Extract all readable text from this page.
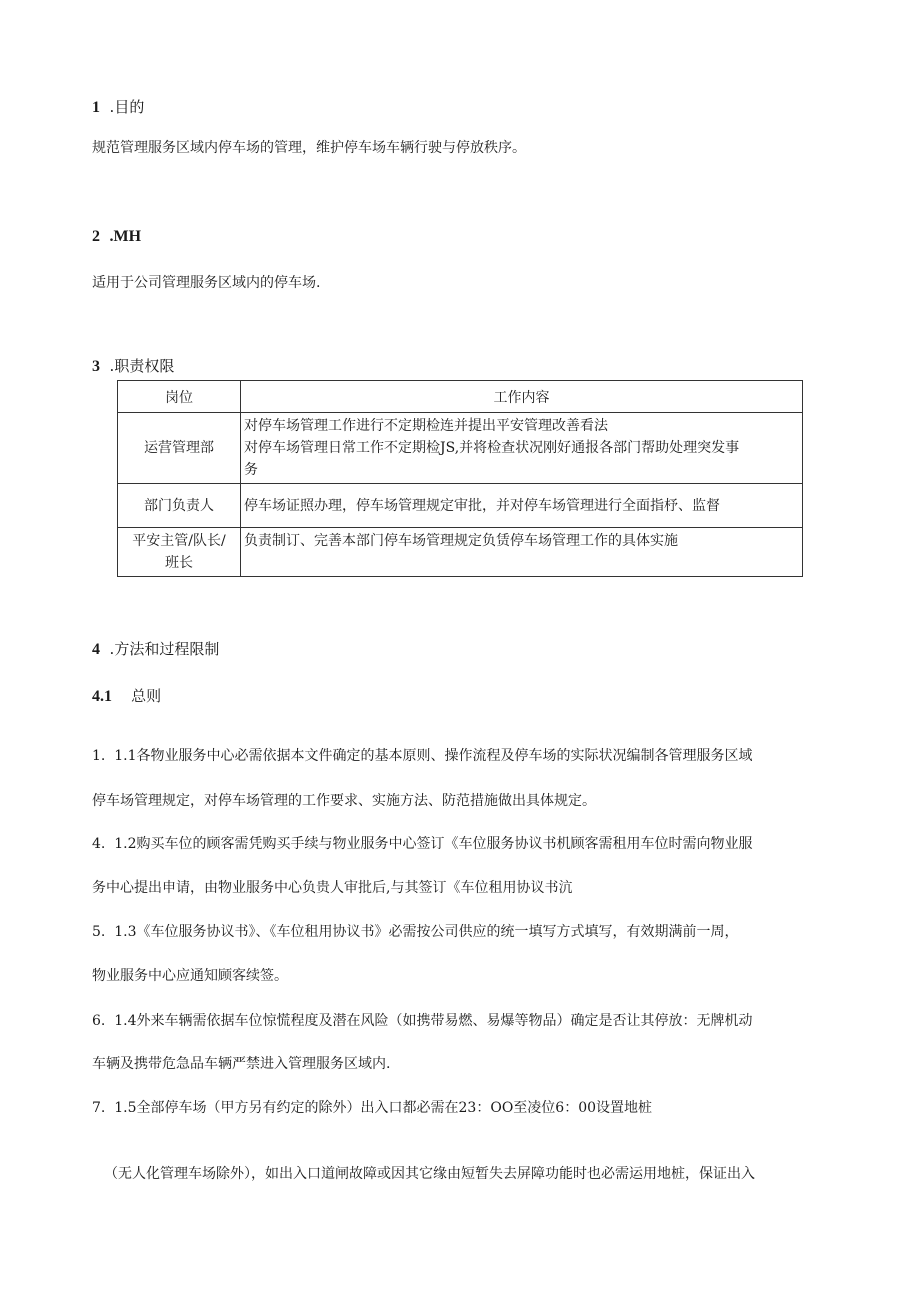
1 .目的
规范管理服务区域内停车场的管理，维护停车场车辆行驶与停放秩序。
2 .MH
适用于公司管理服务区域内的停车场.
3 .职责权限
岗位	工作内容
运营管理部	对停车场管理工作进行不定期检连并提出平安管理改善看法
对停车场管理日常工作不定期检JS,并将检查状况刚好通报各部门帮助处理突发事
务

部门负责人	停车场证照办理，停车场管理规定审批，并对停车场管理进行全面指杼、监督

平安主管/队长/
班长	负责制订、完善本部门停车场管理规定负赁停车场管理工作的具体实施
4 .方法和过程限制
4.1 总则
1. 1.1各物业服务中心必需依据本文件确定的基本原则、操作流程及停车场的实际状况编制各管理服务区域
停车场管理规定，对停车场管理的工作要求、实施方法、防范措施做出具体规定。
4. 1.2购买车位的顾客需凭购买手续与物业服务中心签订《车位服务协议书机顾客需租用车位时需向物业服
务中心提出申请，由物业服务中心负贵人审批后,与其签订《车位租用协议书沆
5. 1.3《车位服务协议书》、《车位租用协议书》必需按公司供应的统一填写方式填写，有效期满前一周，
物业服务中心应通知顾客续签。
6. 1.4外来车辆需依据车位惊慌程度及潜在风险（如携带易燃、易爆等物品）确定是否让其停放：无牌机动
车辆及携带危急品车辆严禁进入管理服务区域内.
7. 1.5全部停车场（甲方另有约定的除外）出入口都必需在23：OO至凌位6：00设置地桩
（无人化管理车场除外），如出入口道闸故障或因其它缘由短暂失去屏障功能时也必需运用地桩，保证出入
